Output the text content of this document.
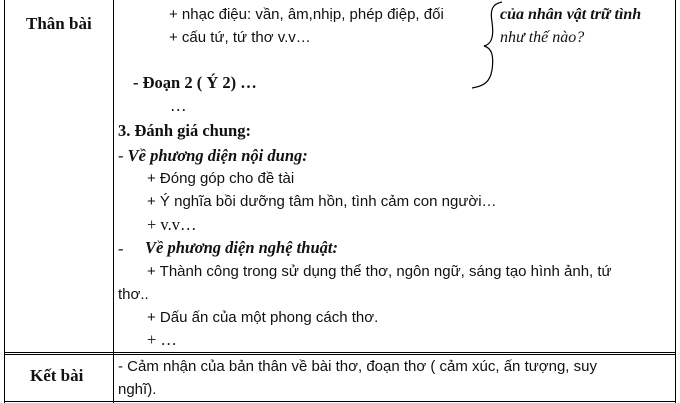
Thân bài
Kết bài
+ nhạc điệu: vần, âm,nhịp, phép điệp, đối
+ cấu tứ, tứ thơ v.v…
của nhân vật trữ tình
như thế nào?
- Đoạn 2 ( Ý 2) …
…
3. Đánh giá chung:
- Về phương diện nội dung:
+ Đóng góp cho đề tài
+ Ý nghĩa bồi dưỡng tâm hồn, tình cảm con người…
+ v.v…
- Về phương diện nghệ thuật:
+ Thành công trong sử dụng thể thơ, ngôn ngữ, sáng tạo hình ảnh, tứ
thơ..
+ Dấu ấn của một phong cách thơ.
+ …
- Cảm nhận của bản thân về bài thơ, đoạn thơ ( cảm xúc, ấn tượng, suy
nghĩ).
